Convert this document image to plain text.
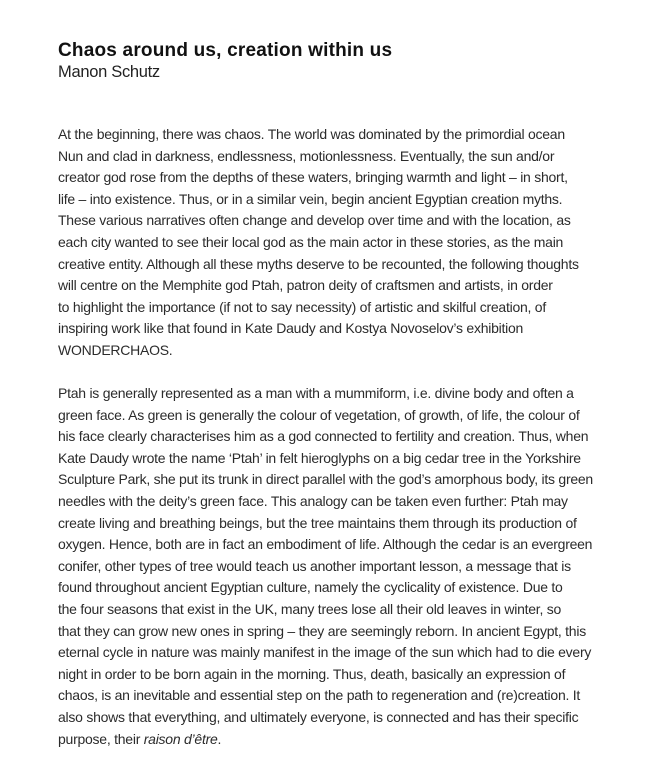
Chaos around us, creation within us
Manon Schutz
At the beginning, there was chaos. The world was dominated by the primordial ocean
Nun and clad in darkness, endlessness, motionlessness. Eventually, the sun and/or
creator god rose from the depths of these waters, bringing warmth and light – in short,
life – into existence. Thus, or in a similar vein, begin ancient Egyptian creation myths.
These various narratives often change and develop over time and with the location, as
each city wanted to see their local god as the main actor in these stories, as the main
creative entity. Although all these myths deserve to be recounted, the following thoughts
will centre on the Memphite god Ptah, patron deity of craftsmen and artists, in order
to highlight the importance (if not to say necessity) of artistic and skilful creation, of
inspiring work like that found in Kate Daudy and Kostya Novoselov’s exhibition
WONDERCHAOS.
Ptah is generally represented as a man with a mummiform, i.e. divine body and often a
green face. As green is generally the colour of vegetation, of growth, of life, the colour of
his face clearly characterises him as a god connected to fertility and creation. Thus, when
Kate Daudy wrote the name ‘Ptah’ in felt hieroglyphs on a big cedar tree in the Yorkshire
Sculpture Park, she put its trunk in direct parallel with the god’s amorphous body, its green
needles with the deity’s green face. This analogy can be taken even further: Ptah may
create living and breathing beings, but the tree maintains them through its production of
oxygen. Hence, both are in fact an embodiment of life. Although the cedar is an evergreen
conifer, other types of tree would teach us another important lesson, a message that is
found throughout ancient Egyptian culture, namely the cyclicality of existence. Due to
the four seasons that exist in the UK, many trees lose all their old leaves in winter, so
that they can grow new ones in spring – they are seemingly reborn. In ancient Egypt, this
eternal cycle in nature was mainly manifest in the image of the sun which had to die every
night in order to be born again in the morning. Thus, death, basically an expression of
chaos, is an inevitable and essential step on the path to regeneration and (re)creation. It
also shows that everything, and ultimately everyone, is connected and has their specific
purpose, their raison d’être.
